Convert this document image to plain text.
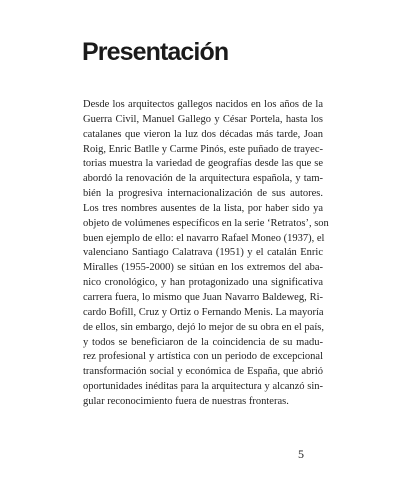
Presentación

Desde los arquitectos gallegos nacidos en los años de la
Guerra Civil, Manuel Gallego y César Portela, hasta los
catalanes que vieron la luz dos décadas más tarde, Joan
Roig, Enric Batlle y Carme Pinós, este puñado de trayec-
torias muestra la variedad de geografías desde las que se
abordó la renovación de la arquitectura española, y tam-
bién la progresiva internacionalización de sus autores.
Los tres nombres ausentes de la lista, por haber sido ya
objeto de volúmenes específicos en la serie ‘Retratos’, son
buen ejemplo de ello: el navarro Rafael Moneo (1937), el
valenciano Santiago Calatrava (1951) y el catalán Enric
Miralles (1955-2000) se sitúan en los extremos del aba-
nico cronológico, y han protagonizado una significativa
carrera fuera, lo mismo que Juan Navarro Baldeweg, Ri-
cardo Bofill, Cruz y Ortiz o Fernando Menis. La mayoría
de ellos, sin embargo, dejó lo mejor de su obra en el país,
y todos se beneficiaron de la coincidencia de su madu-
rez profesional y artística con un periodo de excepcional
transformación social y económica de España, que abrió
oportunidades inéditas para la arquitectura y alcanzó sin-
gular reconocimiento fuera de nuestras fronteras.

5
